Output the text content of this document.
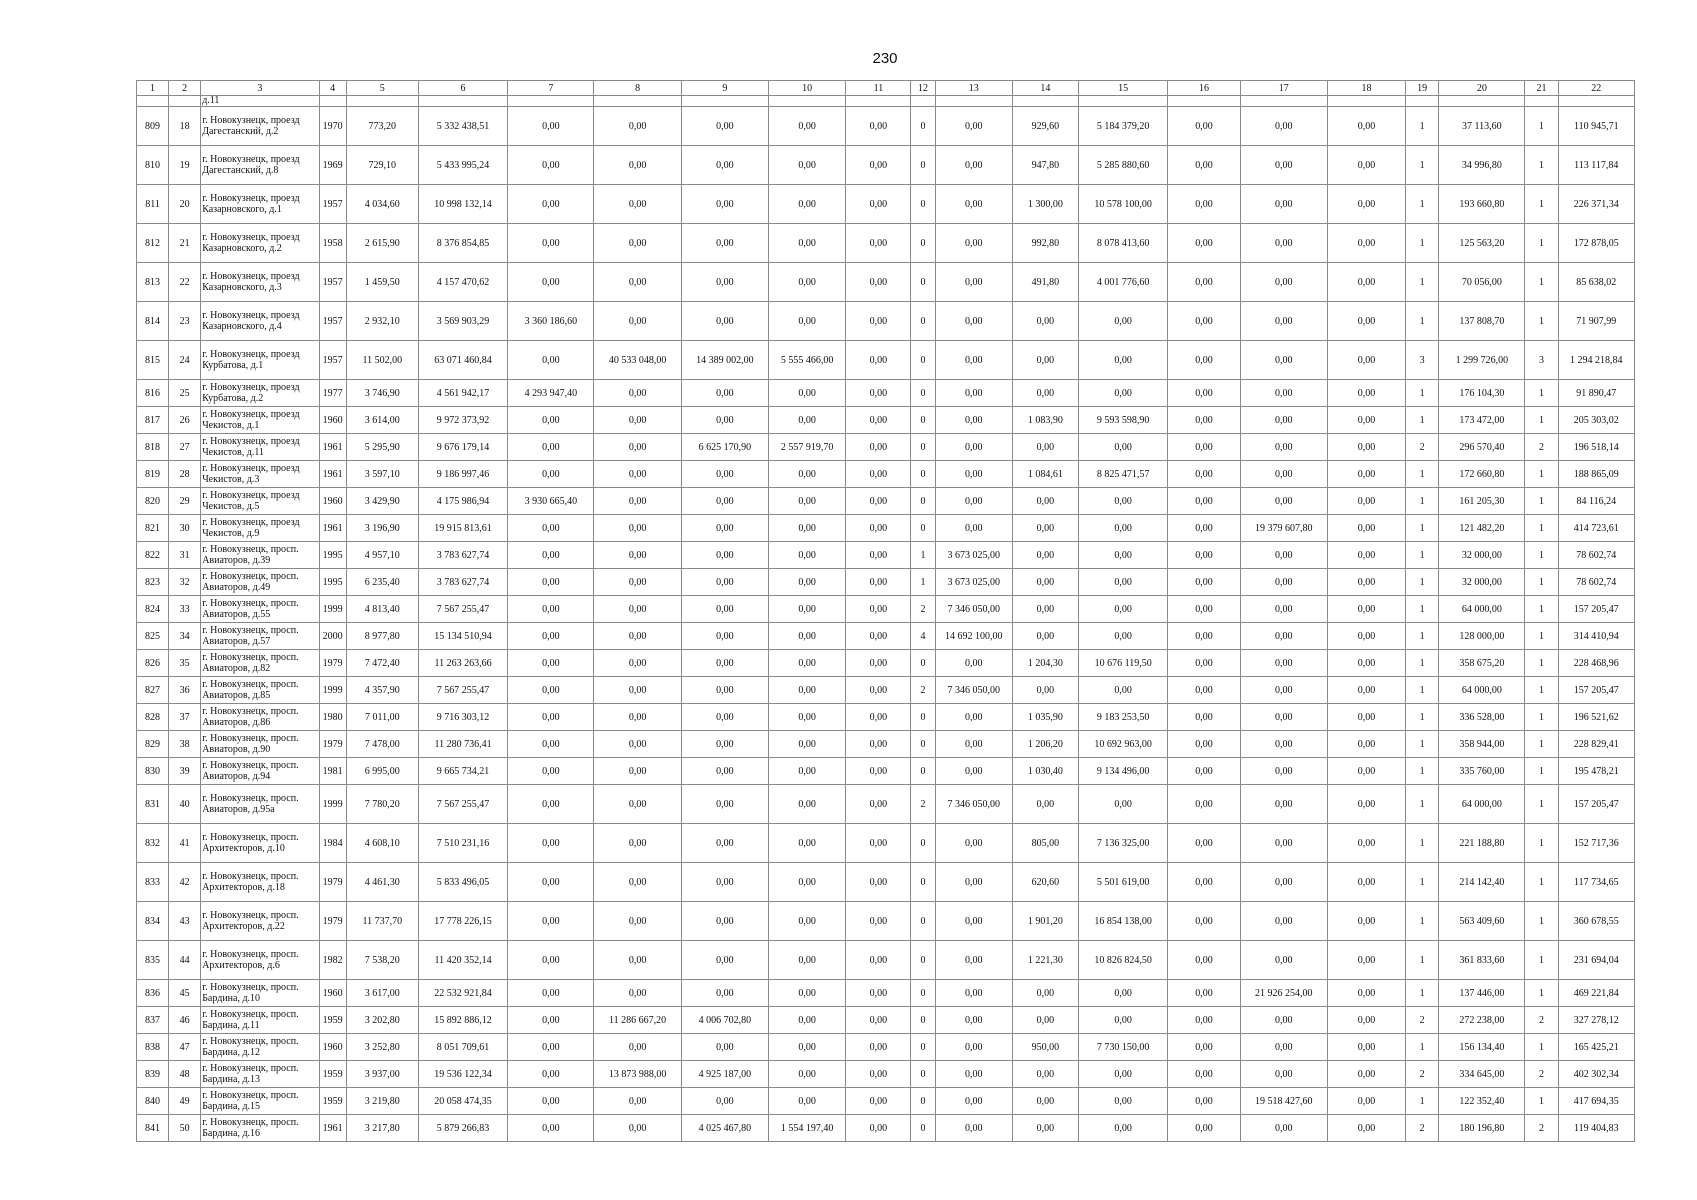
230
1	2	3	4	5	6	7	8	9	10	11	12	13	14	15	16	17	18	19	20	21	22
		д.11																			
809	18	г. Новокузнецк, проезд Дагестанский, д.2	1970	773,20	5 332 438,51	0,00	0,00	0,00	0,00	0,00	0	0,00	929,60	5 184 379,20	0,00	0,00	0,00	1	37 113,60	1	110 945,71
810	19	г. Новокузнецк, проезд Дагестанский, д.8	1969	729,10	5 433 995,24	0,00	0,00	0,00	0,00	0,00	0	0,00	947,80	5 285 880,60	0,00	0,00	0,00	1	34 996,80	1	113 117,84
811	20	г. Новокузнецк, проезд Казарновского, д.1	1957	4 034,60	10 998 132,14	0,00	0,00	0,00	0,00	0,00	0	0,00	1 300,00	10 578 100,00	0,00	0,00	0,00	1	193 660,80	1	226 371,34
812	21	г. Новокузнецк, проезд Казарновского, д.2	1958	2 615,90	8 376 854,85	0,00	0,00	0,00	0,00	0,00	0	0,00	992,80	8 078 413,60	0,00	0,00	0,00	1	125 563,20	1	172 878,05
813	22	г. Новокузнецк, проезд Казарновского, д.3	1957	1 459,50	4 157 470,62	0,00	0,00	0,00	0,00	0,00	0	0,00	491,80	4 001 776,60	0,00	0,00	0,00	1	70 056,00	1	85 638,02
814	23	г. Новокузнецк, проезд Казарновского, д.4	1957	2 932,10	3 569 903,29	3 360 186,60	0,00	0,00	0,00	0,00	0	0,00	0,00	0,00	0,00	0,00	0,00	1	137 808,70	1	71 907,99
815	24	г. Новокузнецк, проезд Курбатова, д.1	1957	11 502,00	63 071 460,84	0,00	40 533 048,00	14 389 002,00	5 555 466,00	0,00	0	0,00	0,00	0,00	0,00	0,00	0,00	3	1 299 726,00	3	1 294 218,84
816	25	г. Новокузнецк, проезд Курбатова, д.2	1977	3 746,90	4 561 942,17	4 293 947,40	0,00	0,00	0,00	0,00	0	0,00	0,00	0,00	0,00	0,00	0,00	1	176 104,30	1	91 890,47
817	26	г. Новокузнецк, проезд Чекистов, д.1	1960	3 614,00	9 972 373,92	0,00	0,00	0,00	0,00	0,00	0	0,00	1 083,90	9 593 598,90	0,00	0,00	0,00	1	173 472,00	1	205 303,02
818	27	г. Новокузнецк, проезд Чекистов, д.11	1961	5 295,90	9 676 179,14	0,00	0,00	6 625 170,90	2 557 919,70	0,00	0	0,00	0,00	0,00	0,00	0,00	0,00	2	296 570,40	2	196 518,14
819	28	г. Новокузнецк, проезд Чекистов, д.3	1961	3 597,10	9 186 997,46	0,00	0,00	0,00	0,00	0,00	0	0,00	1 084,61	8 825 471,57	0,00	0,00	0,00	1	172 660,80	1	188 865,09
820	29	г. Новокузнецк, проезд Чекистов, д.5	1960	3 429,90	4 175 986,94	3 930 665,40	0,00	0,00	0,00	0,00	0	0,00	0,00	0,00	0,00	0,00	0,00	1	161 205,30	1	84 116,24
821	30	г. Новокузнецк, проезд Чекистов, д.9	1961	3 196,90	19 915 813,61	0,00	0,00	0,00	0,00	0,00	0	0,00	0,00	0,00	0,00	19 379 607,80	0,00	1	121 482,20	1	414 723,61
822	31	г. Новокузнецк, просп. Авиаторов, д.39	1995	4 957,10	3 783 627,74	0,00	0,00	0,00	0,00	0,00	1	3 673 025,00	0,00	0,00	0,00	0,00	0,00	1	32 000,00	1	78 602,74
823	32	г. Новокузнецк, просп. Авиаторов, д.49	1995	6 235,40	3 783 627,74	0,00	0,00	0,00	0,00	0,00	1	3 673 025,00	0,00	0,00	0,00	0,00	0,00	1	32 000,00	1	78 602,74
824	33	г. Новокузнецк, просп. Авиаторов, д.55	1999	4 813,40	7 567 255,47	0,00	0,00	0,00	0,00	0,00	2	7 346 050,00	0,00	0,00	0,00	0,00	0,00	1	64 000,00	1	157 205,47
825	34	г. Новокузнецк, просп. Авиаторов, д.57	2000	8 977,80	15 134 510,94	0,00	0,00	0,00	0,00	0,00	4	14 692 100,00	0,00	0,00	0,00	0,00	0,00	1	128 000,00	1	314 410,94
826	35	г. Новокузнецк, просп. Авиаторов, д.82	1979	7 472,40	11 263 263,66	0,00	0,00	0,00	0,00	0,00	0	0,00	1 204,30	10 676 119,50	0,00	0,00	0,00	1	358 675,20	1	228 468,96
827	36	г. Новокузнецк, просп. Авиаторов, д.85	1999	4 357,90	7 567 255,47	0,00	0,00	0,00	0,00	0,00	2	7 346 050,00	0,00	0,00	0,00	0,00	0,00	1	64 000,00	1	157 205,47
828	37	г. Новокузнецк, просп. Авиаторов, д.86	1980	7 011,00	9 716 303,12	0,00	0,00	0,00	0,00	0,00	0	0,00	1 035,90	9 183 253,50	0,00	0,00	0,00	1	336 528,00	1	196 521,62
829	38	г. Новокузнецк, просп. Авиаторов, д.90	1979	7 478,00	11 280 736,41	0,00	0,00	0,00	0,00	0,00	0	0,00	1 206,20	10 692 963,00	0,00	0,00	0,00	1	358 944,00	1	228 829,41
830	39	г. Новокузнецк, просп. Авиаторов, д.94	1981	6 995,00	9 665 734,21	0,00	0,00	0,00	0,00	0,00	0	0,00	1 030,40	9 134 496,00	0,00	0,00	0,00	1	335 760,00	1	195 478,21
831	40	г. Новокузнецк, просп. Авиаторов, д.95а	1999	7 780,20	7 567 255,47	0,00	0,00	0,00	0,00	0,00	2	7 346 050,00	0,00	0,00	0,00	0,00	0,00	1	64 000,00	1	157 205,47
832	41	г. Новокузнецк, просп. Архитекторов, д.10	1984	4 608,10	7 510 231,16	0,00	0,00	0,00	0,00	0,00	0	0,00	805,00	7 136 325,00	0,00	0,00	0,00	1	221 188,80	1	152 717,36
833	42	г. Новокузнецк, просп. Архитекторов, д.18	1979	4 461,30	5 833 496,05	0,00	0,00	0,00	0,00	0,00	0	0,00	620,60	5 501 619,00	0,00	0,00	0,00	1	214 142,40	1	117 734,65
834	43	г. Новокузнецк, просп. Архитекторов, д.22	1979	11 737,70	17 778 226,15	0,00	0,00	0,00	0,00	0,00	0	0,00	1 901,20	16 854 138,00	0,00	0,00	0,00	1	563 409,60	1	360 678,55
835	44	г. Новокузнецк, просп. Архитекторов, д.6	1982	7 538,20	11 420 352,14	0,00	0,00	0,00	0,00	0,00	0	0,00	1 221,30	10 826 824,50	0,00	0,00	0,00	1	361 833,60	1	231 694,04
836	45	г. Новокузнецк, просп. Бардина, д.10	1960	3 617,00	22 532 921,84	0,00	0,00	0,00	0,00	0,00	0	0,00	0,00	0,00	0,00	21 926 254,00	0,00	1	137 446,00	1	469 221,84
837	46	г. Новокузнецк, просп. Бардина, д.11	1959	3 202,80	15 892 886,12	0,00	11 286 667,20	4 006 702,80	0,00	0,00	0	0,00	0,00	0,00	0,00	0,00	0,00	2	272 238,00	2	327 278,12
838	47	г. Новокузнецк, просп. Бардина, д.12	1960	3 252,80	8 051 709,61	0,00	0,00	0,00	0,00	0,00	0	0,00	950,00	7 730 150,00	0,00	0,00	0,00	1	156 134,40	1	165 425,21
839	48	г. Новокузнецк, просп. Бардина, д.13	1959	3 937,00	19 536 122,34	0,00	13 873 988,00	4 925 187,00	0,00	0,00	0	0,00	0,00	0,00	0,00	0,00	0,00	2	334 645,00	2	402 302,34
840	49	г. Новокузнецк, просп. Бардина, д.15	1959	3 219,80	20 058 474,35	0,00	0,00	0,00	0,00	0,00	0	0,00	0,00	0,00	0,00	19 518 427,60	0,00	1	122 352,40	1	417 694,35
841	50	г. Новокузнецк, просп. Бардина, д.16	1961	3 217,80	5 879 266,83	0,00	0,00	4 025 467,80	1 554 197,40	0,00	0	0,00	0,00	0,00	0,00	0,00	0,00	2	180 196,80	2	119 404,83
